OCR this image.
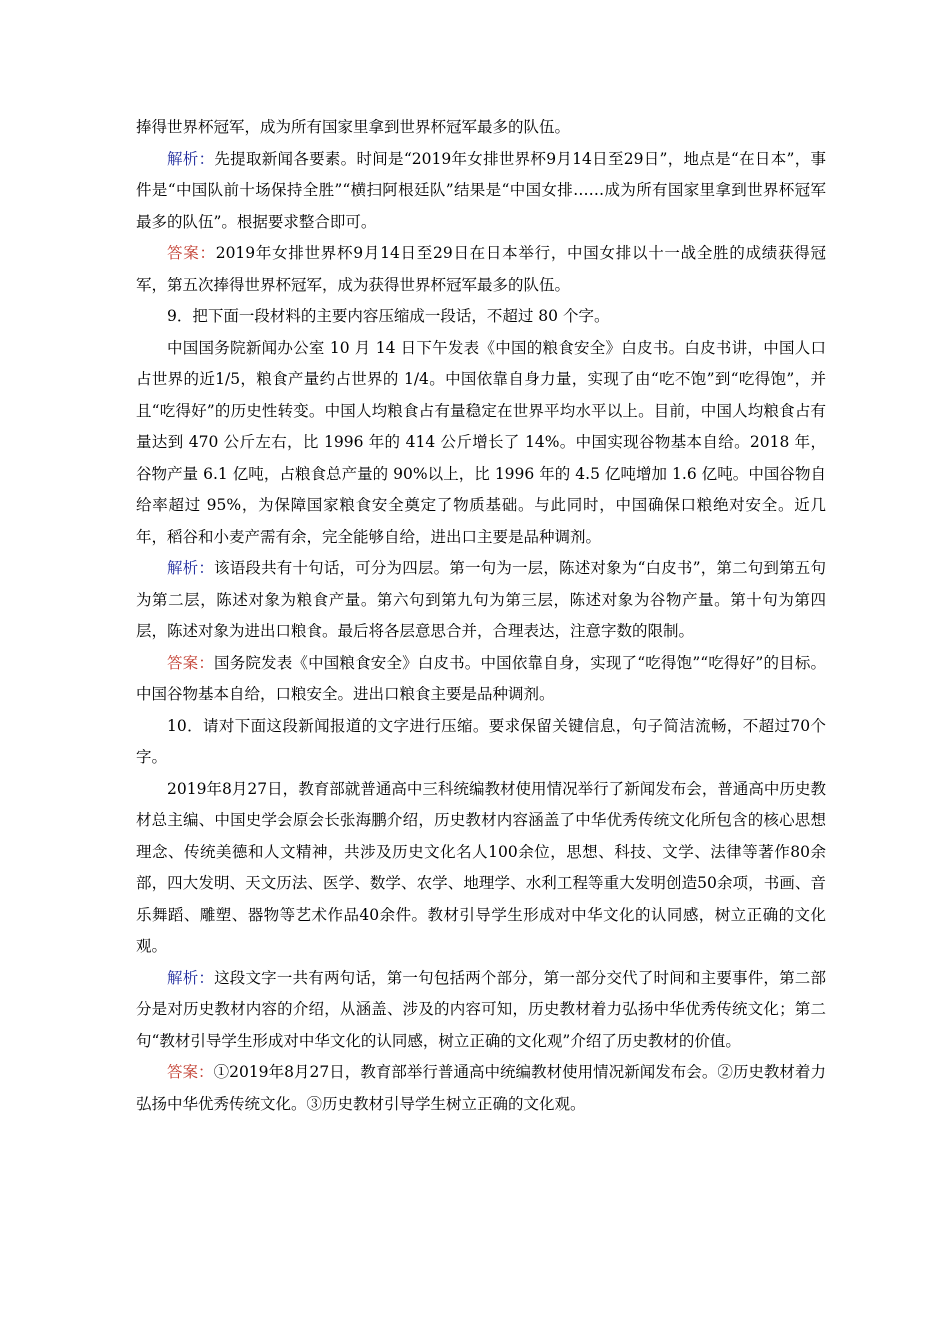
捧得世界杯冠军，成为所有国家里拿到世界杯冠军最多的队伍。

解析：先提取新闻各要素。时间是“2019年女排世界杯9月14日至29日”，地点是“在日本”，事件是“中国队前十场保持全胜”“横扫阿根廷队”结果是“中国女排……成为所有国家里拿到世界杯冠军最多的队伍”。根据要求整合即可。

答案：2019年女排世界杯9月14日至29日在日本举行，中国女排以十一战全胜的成绩获得冠军，第五次捧得世界杯冠军，成为获得世界杯冠军最多的队伍。

9．把下面一段材料的主要内容压缩成一段话，不超过 80 个字。

中国国务院新闻办公室 10 月 14 日下午发表《中国的粮食安全》白皮书。白皮书讲，中国人口占世界的近1/5，粮食产量约占世界的 1/4。中国依靠自身力量，实现了由“吃不饱”到“吃得饱”，并且“吃得好”的历史性转变。中国人均粮食占有量稳定在世界平均水平以上。目前，中国人均粮食占有量达到 470 公斤左右，比 1996 年的 414 公斤增长了 14%。中国实现谷物基本自给。2018 年，谷物产量 6.1 亿吨，占粮食总产量的 90%以上，比 1996 年的 4.5 亿吨增加 1.6 亿吨。中国谷物自给率超过 95%，为保障国家粮食安全奠定了物质基础。与此同时，中国确保口粮绝对安全。近几年，稻谷和小麦产需有余，完全能够自给，进出口主要是品种调剂。

解析：该语段共有十句话，可分为四层。第一句为一层，陈述对象为“白皮书”，第二句到第五句为第二层，陈述对象为粮食产量。第六句到第九句为第三层，陈述对象为谷物产量。第十句为第四层，陈述对象为进出口粮食。最后将各层意思合并，合理表达，注意字数的限制。

答案：国务院发表《中国粮食安全》白皮书。中国依靠自身，实现了“吃得饱”“吃得好”的目标。中国谷物基本自给，口粮安全。进出口粮食主要是品种调剂。

10．请对下面这段新闻报道的文字进行压缩。要求保留关键信息，句子简洁流畅，不超过70个字。

2019年8月27日，教育部就普通高中三科统编教材使用情况举行了新闻发布会，普通高中历史教材总主编、中国史学会原会长张海鹏介绍，历史教材内容涵盖了中华优秀传统文化所包含的核心思想理念、传统美德和人文精神，共涉及历史文化名人100余位，思想、科技、文学、法律等著作80余部，四大发明、天文历法、医学、数学、农学、地理学、水利工程等重大发明创造50余项，书画、音乐舞蹈、雕塑、器物等艺术作品40余件。教材引导学生形成对中华文化的认同感，树立正确的文化观。

解析：这段文字一共有两句话，第一句包括两个部分，第一部分交代了时间和主要事件，第二部分是对历史教材内容的介绍，从涵盖、涉及的内容可知，历史教材着力弘扬中华优秀传统文化；第二句“教材引导学生形成对中华文化的认同感，树立正确的文化观”介绍了历史教材的价值。

答案：①2019年8月27日，教育部举行普通高中统编教材使用情况新闻发布会。②历史教材着力弘扬中华优秀传统文化。③历史教材引导学生树立正确的文化观。
